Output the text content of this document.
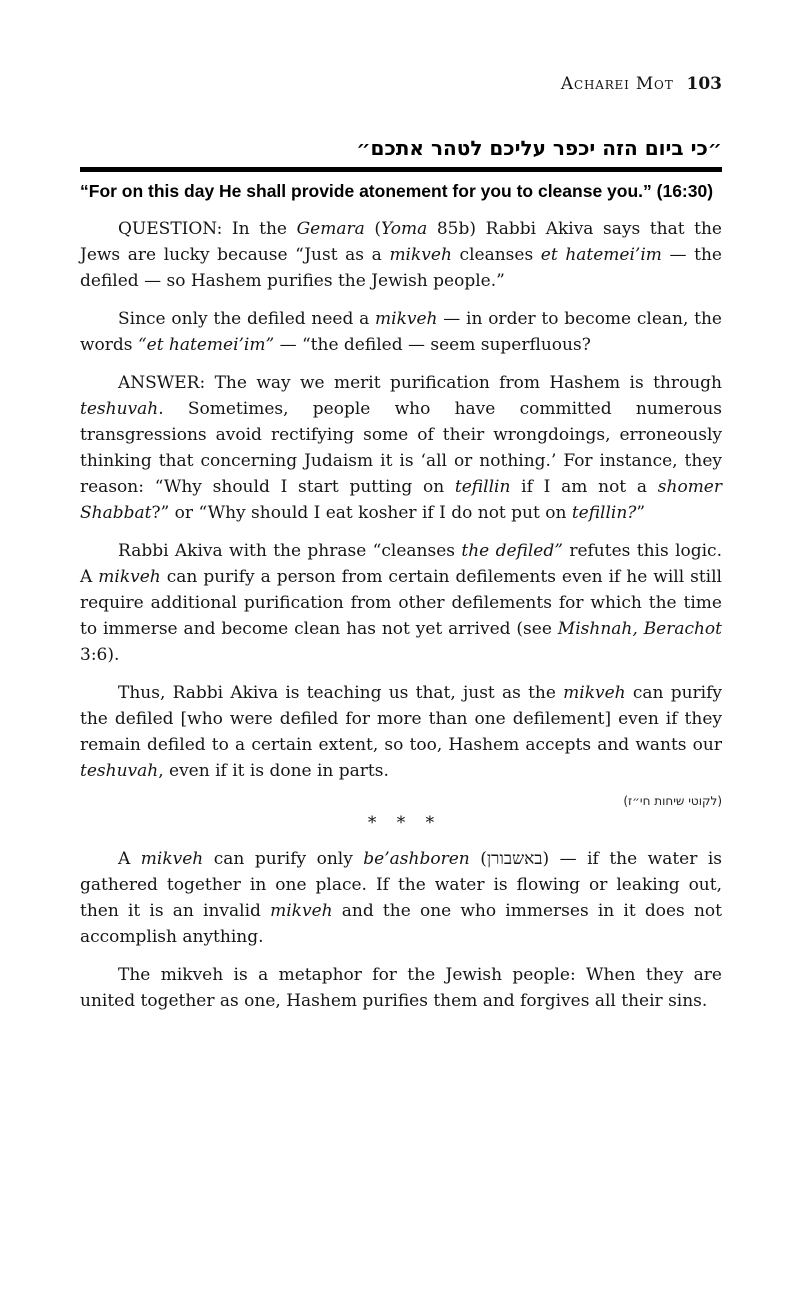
Acharei Mot 103
״כי ביום הזה יכפר עליכם לטהר אתכם״
“For on this day He shall provide atonement for you to cleanse you.” (16:30)

QUESTION: In the Gemara (Yoma 85b) Rabbi Akiva says that the Jews are lucky because “Just as a mikveh cleanses et hatemei’im — the defiled — so Hashem purifies the Jewish people.”

Since only the defiled need a mikveh — in order to become clean, the words “et hatemei’im” — “the defiled — seem superfluous?

ANSWER: The way we merit purification from Hashem is through teshuvah. Sometimes, people who have committed numerous transgressions avoid rectifying some of their wrongdoings, erroneously thinking that concerning Judaism it is ‘all or nothing.’ For instance, they reason: “Why should I start putting on tefillin if I am not a shomer Shabbat?” or “Why should I eat kosher if I do not put on tefillin?”

Rabbi Akiva with the phrase “cleanses the defiled” refutes this logic. A mikveh can purify a person from certain defilements even if he will still require additional purification from other defilements for which the time to immerse and become clean has not yet arrived (see Mishnah, Berachot 3:6).

Thus, Rabbi Akiva is teaching us that, just as the mikveh can purify the defiled [who were defiled for more than one defilement] even if they remain defiled to a certain extent, so too, Hashem accepts and wants our teshuvah, even if it is done in parts.

(לקוטי שיחות חי״ז)
* * *

A mikveh can purify only be’ashboren (באשבורן) — if the water is gathered together in one place. If the water is flowing or leaking out, then it is an invalid mikveh and the one who immerses in it does not accomplish anything.

The mikveh is a metaphor for the Jewish people: When they are united together as one, Hashem purifies them and forgives all their sins.
